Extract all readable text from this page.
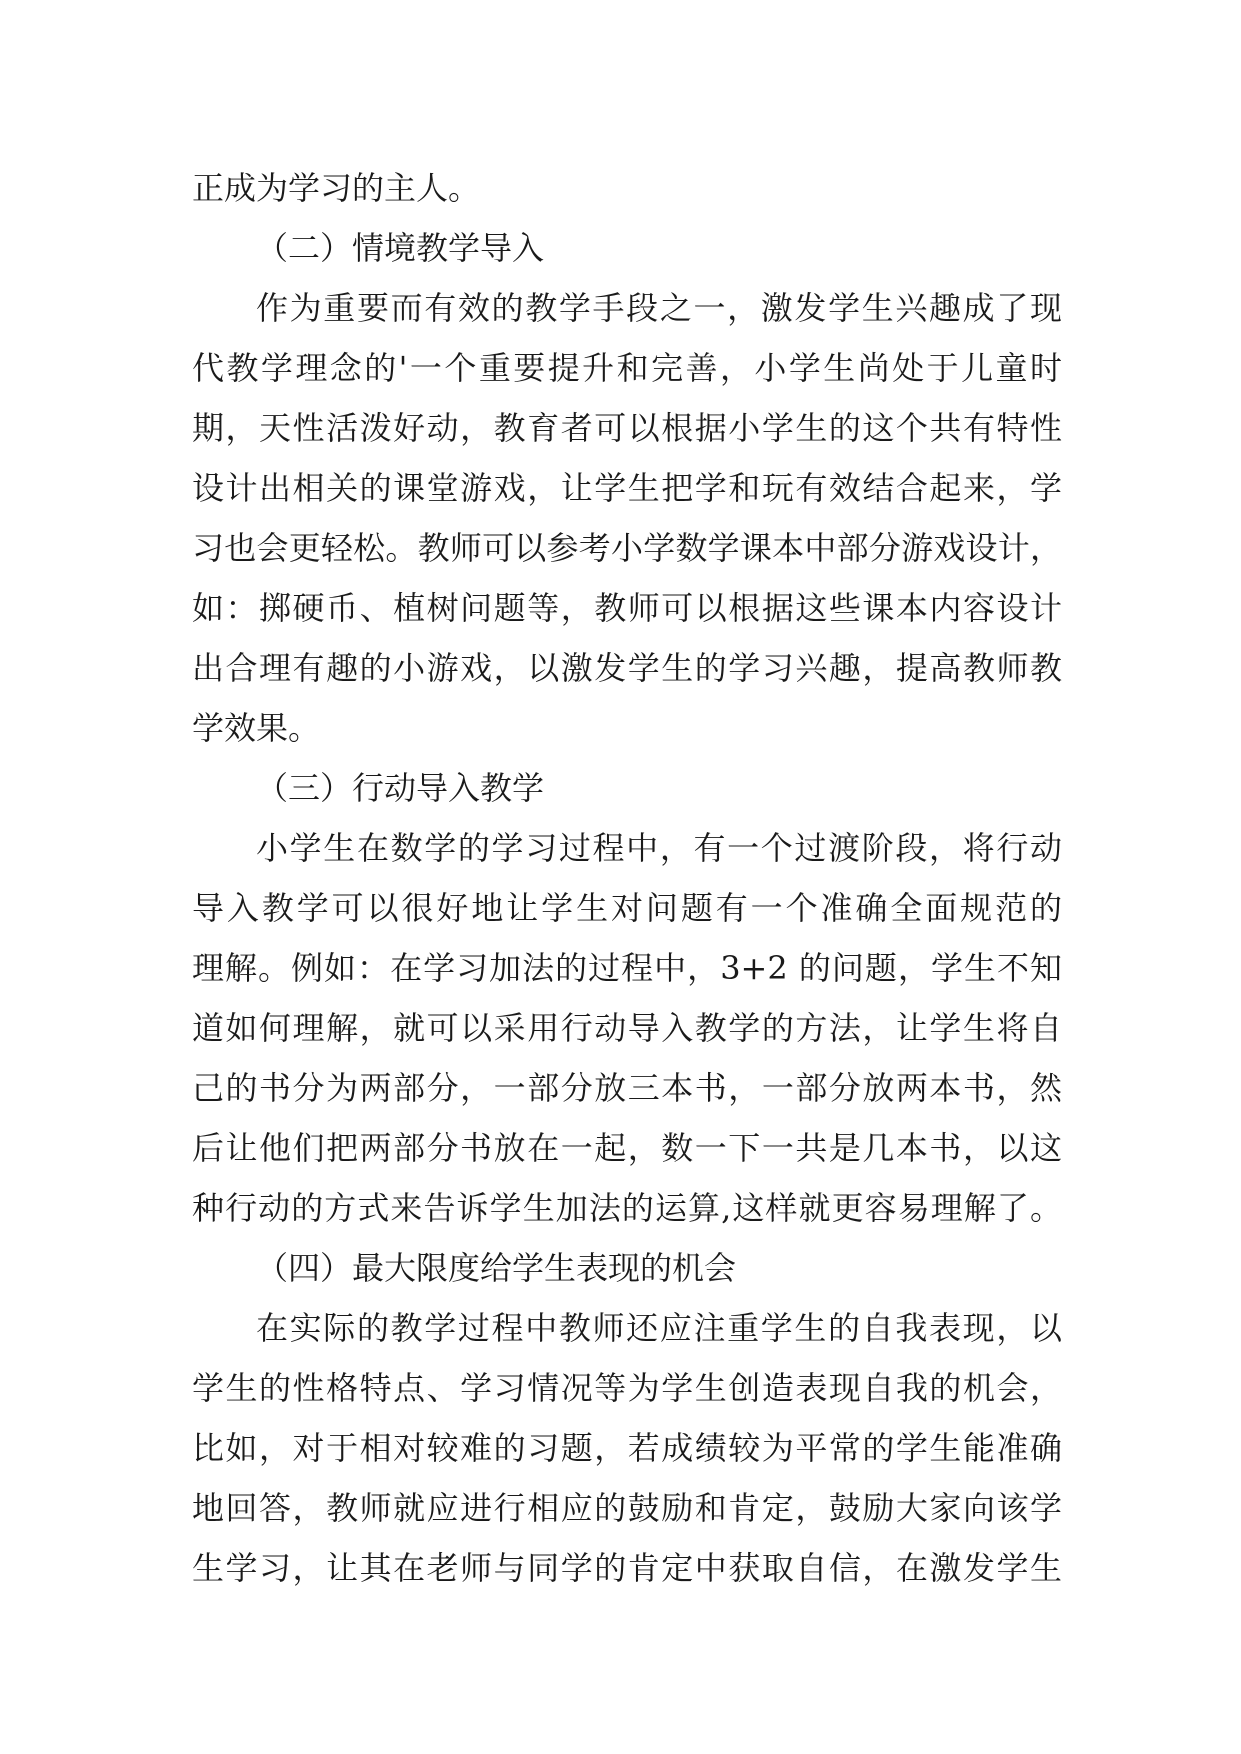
正成为学习的主人。
（二）情境教学导入
作为重要而有效的教学手段之一，激发学生兴趣成了现
代教学理念的'一个重要提升和完善，小学生尚处于儿童时
期，天性活泼好动，教育者可以根据小学生的这个共有特性
设计出相关的课堂游戏，让学生把学和玩有效结合起来，学
习也会更轻松。教师可以参考小学数学课本中部分游戏设计，
如：掷硬币、植树问题等，教师可以根据这些课本内容设计
出合理有趣的小游戏，以激发学生的学习兴趣，提高教师教
学效果。
（三）行动导入教学
小学生在数学的学习过程中，有一个过渡阶段，将行动
导入教学可以很好地让学生对问题有一个准确全面规范的
理解。例如：在学习加法的过程中，3+2 的问题，学生不知
道如何理解，就可以采用行动导入教学的方法，让学生将自
己的书分为两部分，一部分放三本书，一部分放两本书，然
后让他们把两部分书放在一起，数一下一共是几本书，以这
种行动的方式来告诉学生加法的运算,这样就更容易理解了。
（四）最大限度给学生表现的机会
在实际的教学过程中教师还应注重学生的自我表现，以
学生的性格特点、学习情况等为学生创造表现自我的机会，
比如，对于相对较难的习题，若成绩较为平常的学生能准确
地回答，教师就应进行相应的鼓励和肯定，鼓励大家向该学
生学习，让其在老师与同学的肯定中获取自信，在激发学生
